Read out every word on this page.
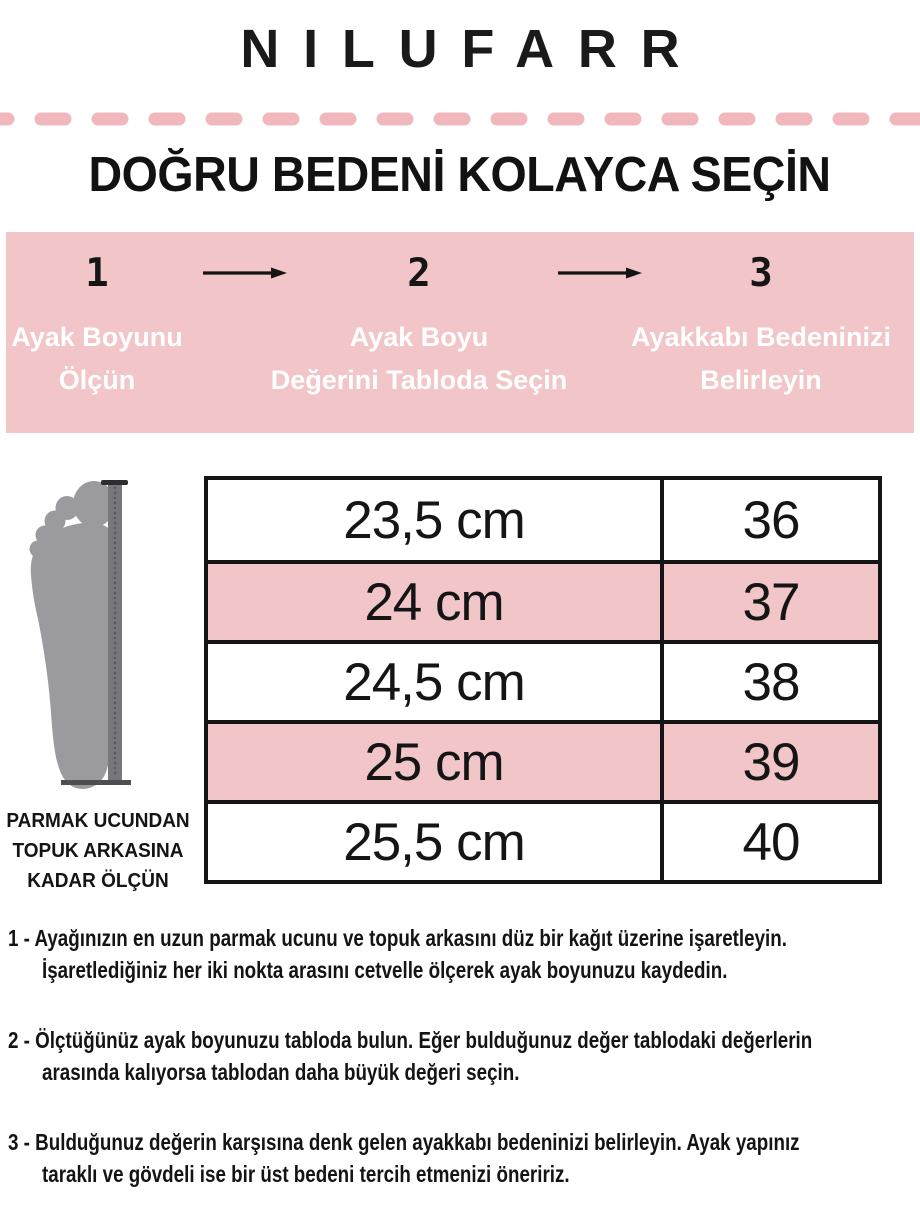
NILUFARR
DOĞRU BEDENİ KOLAYCA SEÇİN
1
Ayak Boyunu
Ölçün
2
Ayak Boyu
Değerini Tabloda Seçin
3
Ayakkabı Bedeninizi
Belirleyin
PARMAK UCUNDAN
TOPUK ARKASINA
KADAR ÖLÇÜN
23,5 cm	36
24 cm	37
24,5 cm	38
25 cm	39
25,5 cm	40
1 - Ayağınızın en uzun parmak ucunu ve topuk arkasını düz bir kağıt üzerine işaretleyin.
İşaretlediğiniz her iki nokta arasını cetvelle ölçerek ayak boyunuzu kaydedin.
2 - Ölçtüğünüz ayak boyunuzu tabloda bulun. Eğer bulduğunuz değer tablodaki değerlerin
arasında kalıyorsa tablodan daha büyük değeri seçin.
3 - Bulduğunuz değerin karşısına denk gelen ayakkabı bedeninizi belirleyin. Ayak yapınız
taraklı ve gövdeli ise bir üst bedeni tercih etmenizi öneririz.
